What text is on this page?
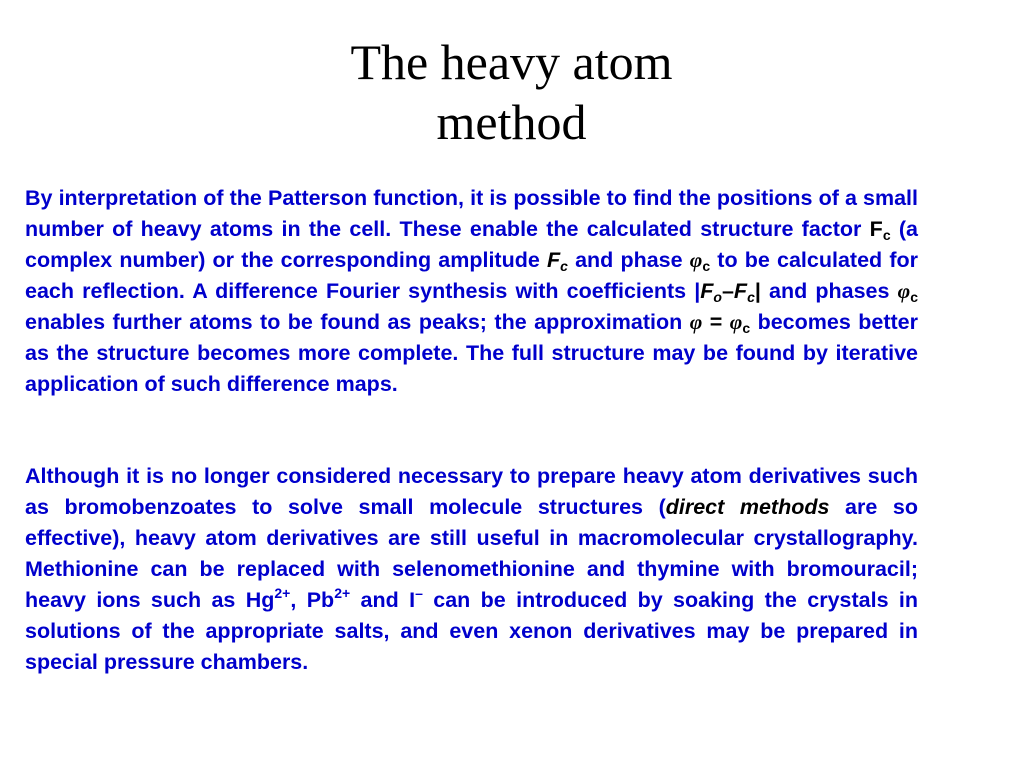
The heavy atom
method
By interpretation of the Patterson function, it is possible to find the positions of a small number of heavy atoms in the cell. These enable the calculated structure factor $F_c$ (a complex number) or the corresponding amplitude $F_c$ and phase $\varphi_c$ to be calculated for each reflection. A difference Fourier synthesis with coefficients $|F_o-F_c|$ and phases $\varphi_c$ enables further atoms to be found as peaks; the approximation $\varphi = \varphi_c$ becomes better as the structure becomes more complete. The full structure may be found by iterative application of such difference maps.
Although it is no longer considered necessary to prepare heavy atom derivatives such as bromobenzoates to solve small molecule structures (direct methods are so effective), heavy atom derivatives are still useful in macromolecular crystallography. Methionine can be replaced with selenomethionine and thymine with bromouracil; heavy ions such as $Hg^{2+}$, $Pb^{2+}$ and I– can be introduced by soaking the crystals in solutions of the appropriate salts, and even xenon derivatives may be prepared in special pressure chambers.
